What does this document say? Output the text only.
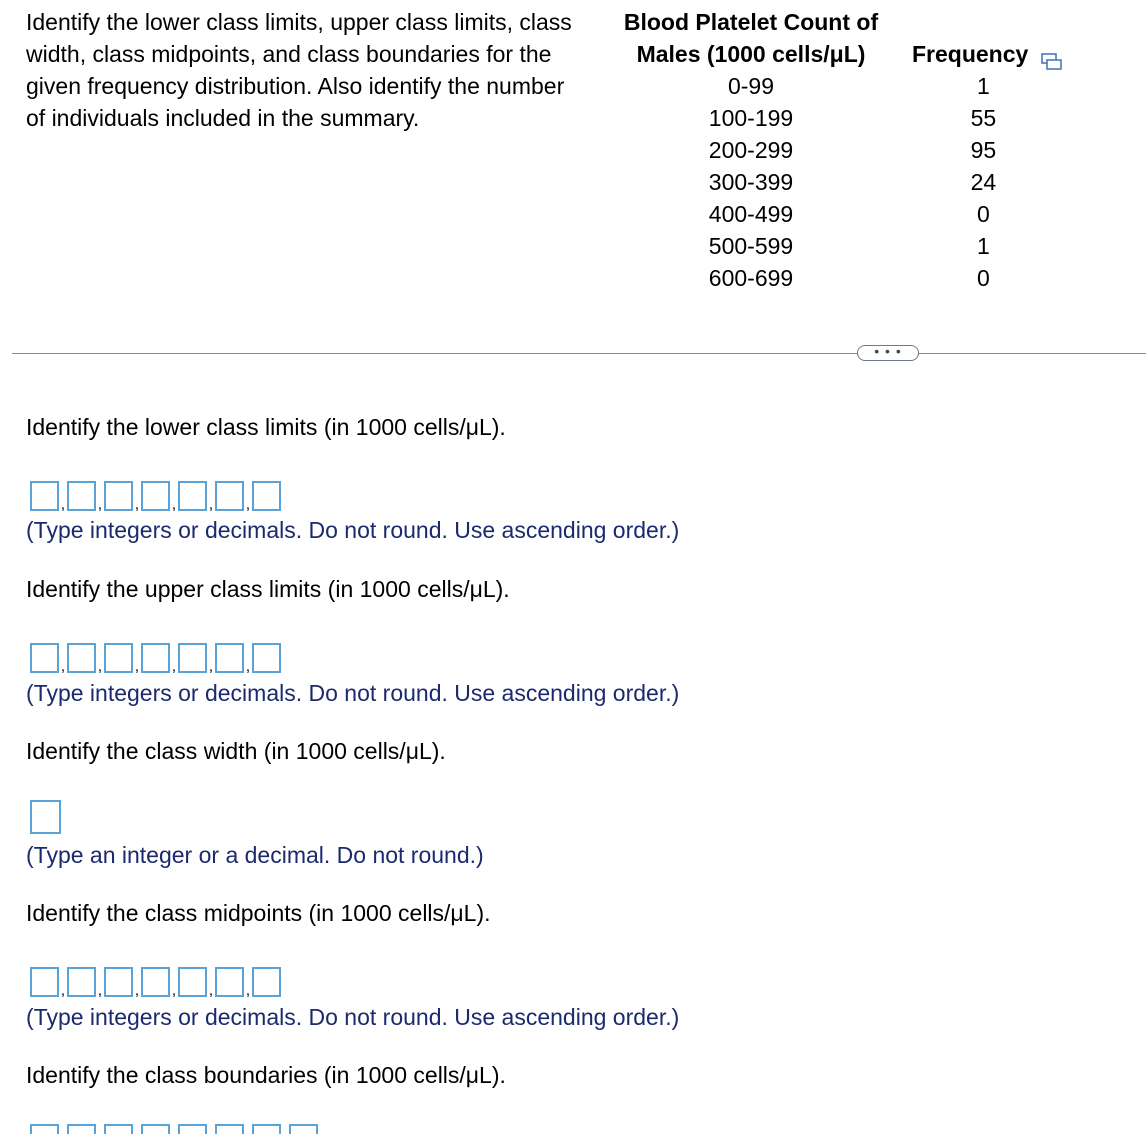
Identify the lower class limits, upper class limits, class width, class midpoints, and class boundaries for the given frequency distribution. Also identify the number of individuals included in the summary.
Blood Platelet Count of
Males (1000 cells/μL)	Frequency
0-99	1
100-199	55
200-299	95
300-399	24
400-499	0
500-599	1
600-699	0
• • •
Identify the lower class limits (in 1000 cells/μL).
, , , , , ,
(Type integers or decimals. Do not round. Use ascending order.)
Identify the upper class limits (in 1000 cells/μL).
, , , , , ,
(Type integers or decimals. Do not round. Use ascending order.)
Identify the class width (in 1000 cells/μL).
(Type an integer or a decimal. Do not round.)
Identify the class midpoints (in 1000 cells/μL).
, , , , , ,
(Type integers or decimals. Do not round. Use ascending order.)
Identify the class boundaries (in 1000 cells/μL).
